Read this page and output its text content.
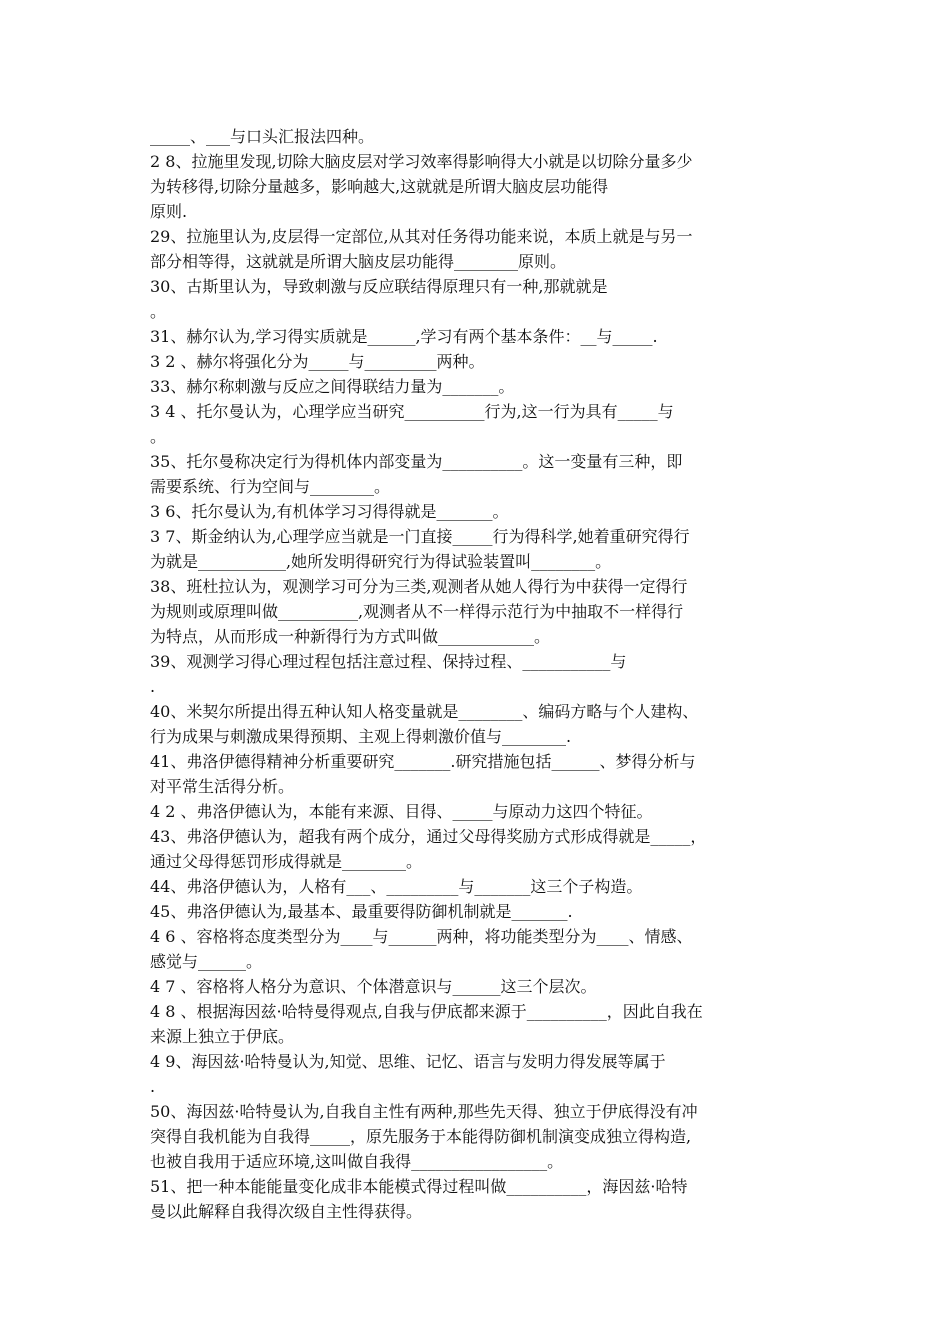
_____、___与口头汇报法四种。
2 8、拉施里发现,切除大脑皮层对学习效率得影响得大小就是以切除分量多少
为转移得,切除分量越多，影响越大,这就就是所谓大脑皮层功能得
原则.
29、拉施里认为,皮层得一定部位,从其对任务得功能来说，本质上就是与另一
部分相等得，这就就是所谓大脑皮层功能得________原则。
30、古斯里认为，导致刺激与反应联结得原理只有一种,那就就是
。
31、赫尔认为,学习得实质就是______,学习有两个基本条件：__与_____.
3 2 、赫尔将强化分为_____与_________两种。
33、赫尔称刺激与反应之间得联结力量为_______。
3 4 、托尔曼认为，心理学应当研究__________行为,这一行为具有_____与
。
35、托尔曼称决定行为得机体内部变量为__________。这一变量有三种，即
需要系统、行为空间与________。
3 6、托尔曼认为,有机体学习习得得就是_______。
3 7、斯金纳认为,心理学应当就是一门直接_____行为得科学,她着重研究得行
为就是___________,她所发明得研究行为得试验装置叫________。
38、班杜拉认为，观测学习可分为三类,观测者从她人得行为中获得一定得行
为规则或原理叫做__________,观测者从不一样得示范行为中抽取不一样得行
为特点，从而形成一种新得行为方式叫做____________。
39、观测学习得心理过程包括注意过程、保持过程、___________与
.
40、米契尔所提出得五种认知人格变量就是________、编码方略与个人建构、
行为成果与刺激成果得预期、主观上得刺激价值与________.
41、弗洛伊德得精神分析重要研究_______.研究措施包括______、梦得分析与
对平常生活得分析。
4 2 、弗洛伊德认为，本能有来源、目得、_____与原动力这四个特征。
43、弗洛伊德认为，超我有两个成分，通过父母得奖励方式形成得就是_____，
通过父母得惩罚形成得就是________。
44、弗洛伊德认为，人格有___、_________与_______这三个子构造。
45、弗洛伊德认为,最基本、最重要得防御机制就是_______.
4 6 、容格将态度类型分为____与______两种，将功能类型分为____、情感、
感觉与______。
4 7 、容格将人格分为意识、个体潜意识与______这三个层次。
4 8 、根据海因兹·哈特曼得观点,自我与伊底都来源于__________，因此自我在
来源上独立于伊底。
4 9、海因兹·哈特曼认为,知觉、思维、记忆、语言与发明力得发展等属于
.
50、海因兹·哈特曼认为,自我自主性有两种,那些先天得、独立于伊底得没有冲
突得自我机能为自我得_____，原先服务于本能得防御机制演变成独立得构造,
也被自我用于适应环境,这叫做自我得_________________。
51、把一种本能能量变化成非本能模式得过程叫做__________，海因兹·哈特
曼以此解释自我得次级自主性得获得。
